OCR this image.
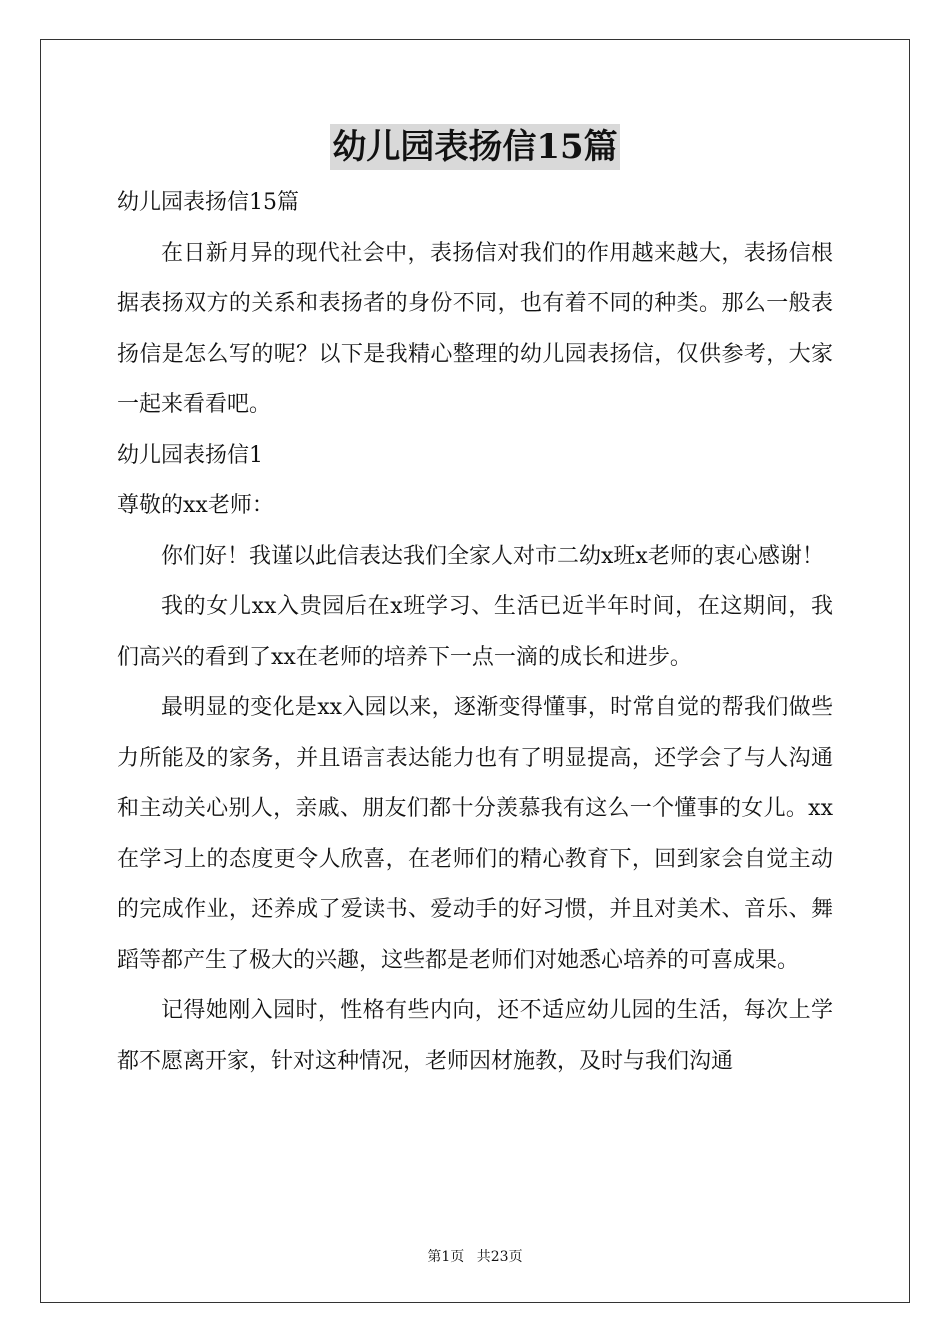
幼儿园表扬信15篇

幼儿园表扬信15篇

在日新月异的现代社会中，表扬信对我们的作用越来越大，表扬信根据表扬双方的关系和表扬者的身份不同，也有着不同的种类。那么一般表扬信是怎么写的呢？以下是我精心整理的幼儿园表扬信，仅供参考，大家一起来看看吧。

幼儿园表扬信1

尊敬的xx老师：

你们好！我谨以此信表达我们全家人对市二幼x班x老师的衷心感谢！

我的女儿xx入贵园后在x班学习、生活已近半年时间，在这期间，我们高兴的看到了xx在老师的培养下一点一滴的成长和进步。

最明显的变化是xx入园以来，逐渐变得懂事，时常自觉的帮我们做些力所能及的家务，并且语言表达能力也有了明显提高，还学会了与人沟通和主动关心别人，亲戚、朋友们都十分羡慕我有这么一个懂事的女儿。xx在学习上的态度更令人欣喜，在老师们的精心教育下，回到家会自觉主动的完成作业，还养成了爱读书、爱动手的好习惯，并且对美术、音乐、舞蹈等都产生了极大的兴趣，这些都是老师们对她悉心培养的可喜成果。

记得她刚入园时，性格有些内向，还不适应幼儿园的生活，每次上学都不愿离开家，针对这种情况，老师因材施教，及时与我们沟通

第1页 共23页
